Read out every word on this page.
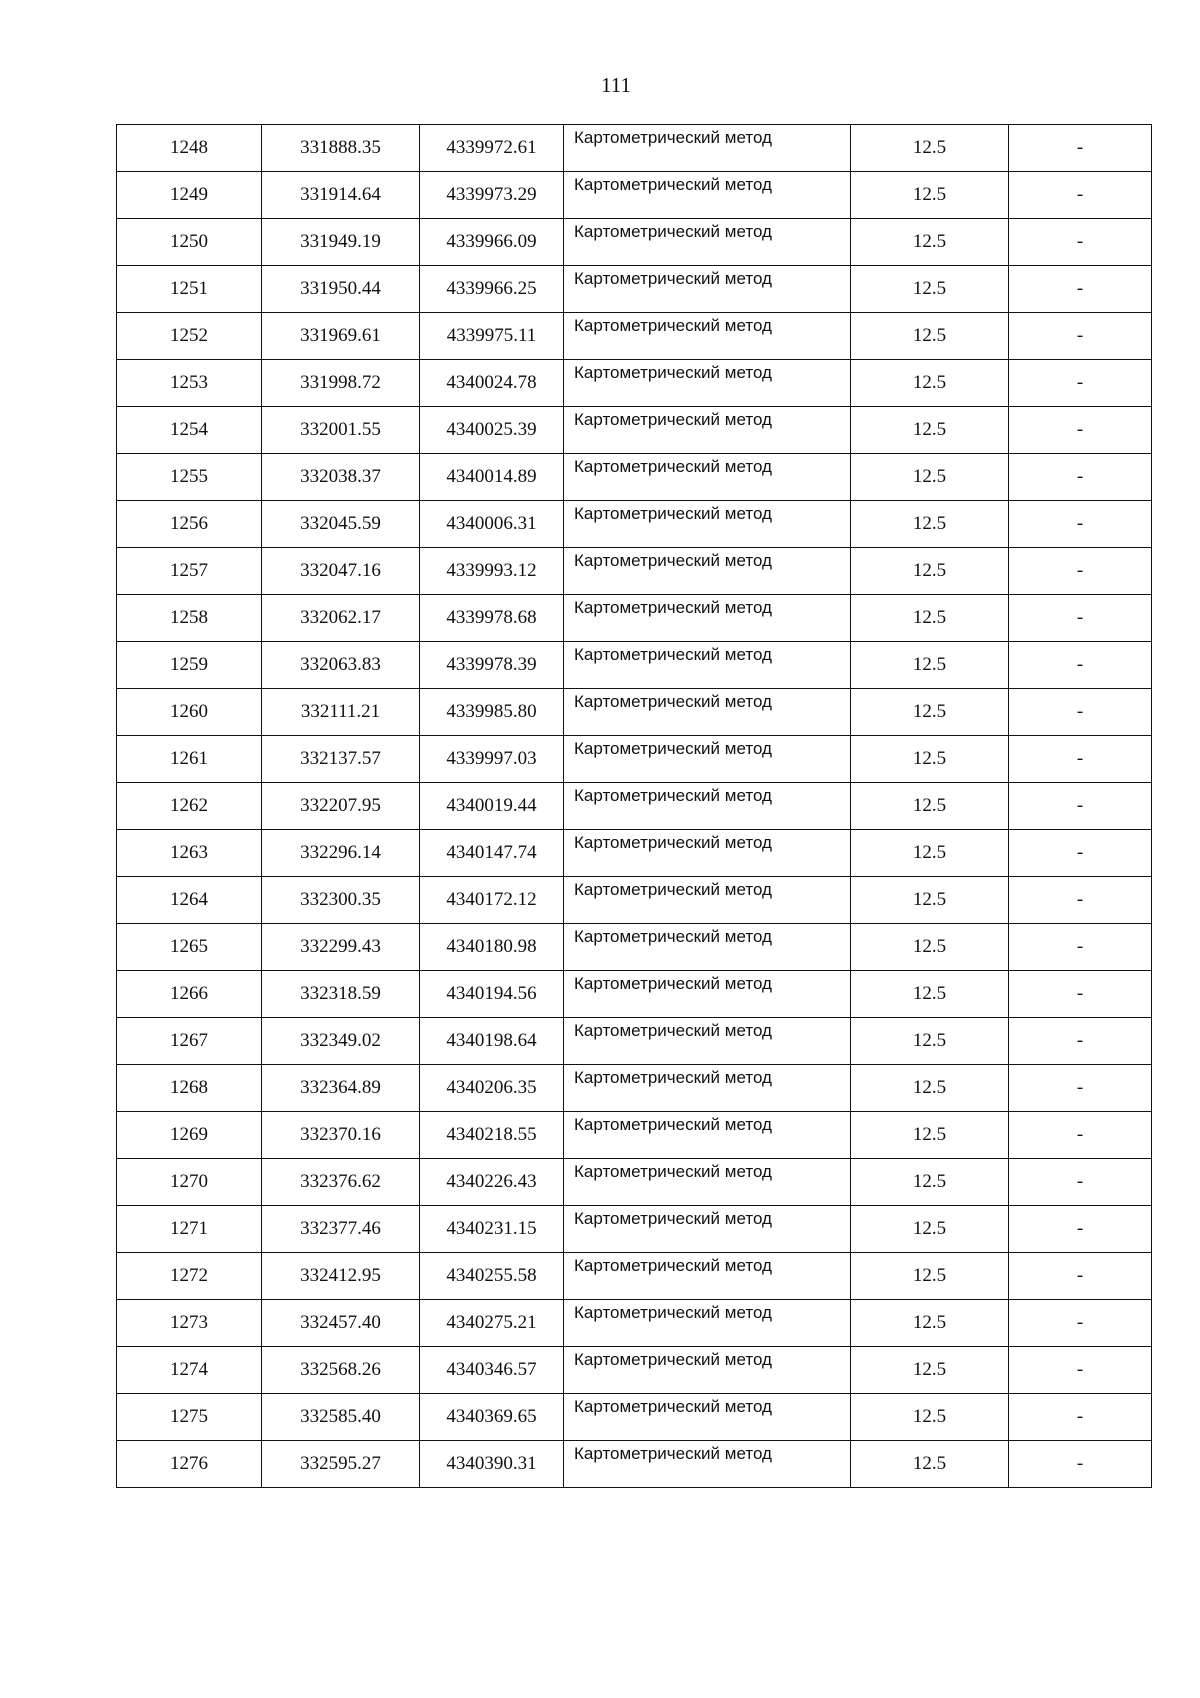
111
1248	331888.35	4339972.61	Картометрический метод	12.5	-
1249	331914.64	4339973.29	Картометрический метод	12.5	-
1250	331949.19	4339966.09	Картометрический метод	12.5	-
1251	331950.44	4339966.25	Картометрический метод	12.5	-
1252	331969.61	4339975.11	Картометрический метод	12.5	-
1253	331998.72	4340024.78	Картометрический метод	12.5	-
1254	332001.55	4340025.39	Картометрический метод	12.5	-
1255	332038.37	4340014.89	Картометрический метод	12.5	-
1256	332045.59	4340006.31	Картометрический метод	12.5	-
1257	332047.16	4339993.12	Картометрический метод	12.5	-
1258	332062.17	4339978.68	Картометрический метод	12.5	-
1259	332063.83	4339978.39	Картометрический метод	12.5	-
1260	332111.21	4339985.80	Картометрический метод	12.5	-
1261	332137.57	4339997.03	Картометрический метод	12.5	-
1262	332207.95	4340019.44	Картометрический метод	12.5	-
1263	332296.14	4340147.74	Картометрический метод	12.5	-
1264	332300.35	4340172.12	Картометрический метод	12.5	-
1265	332299.43	4340180.98	Картометрический метод	12.5	-
1266	332318.59	4340194.56	Картометрический метод	12.5	-
1267	332349.02	4340198.64	Картометрический метод	12.5	-
1268	332364.89	4340206.35	Картометрический метод	12.5	-
1269	332370.16	4340218.55	Картометрический метод	12.5	-
1270	332376.62	4340226.43	Картометрический метод	12.5	-
1271	332377.46	4340231.15	Картометрический метод	12.5	-
1272	332412.95	4340255.58	Картометрический метод	12.5	-
1273	332457.40	4340275.21	Картометрический метод	12.5	-
1274	332568.26	4340346.57	Картометрический метод	12.5	-
1275	332585.40	4340369.65	Картометрический метод	12.5	-
1276	332595.27	4340390.31	Картометрический метод	12.5	-
